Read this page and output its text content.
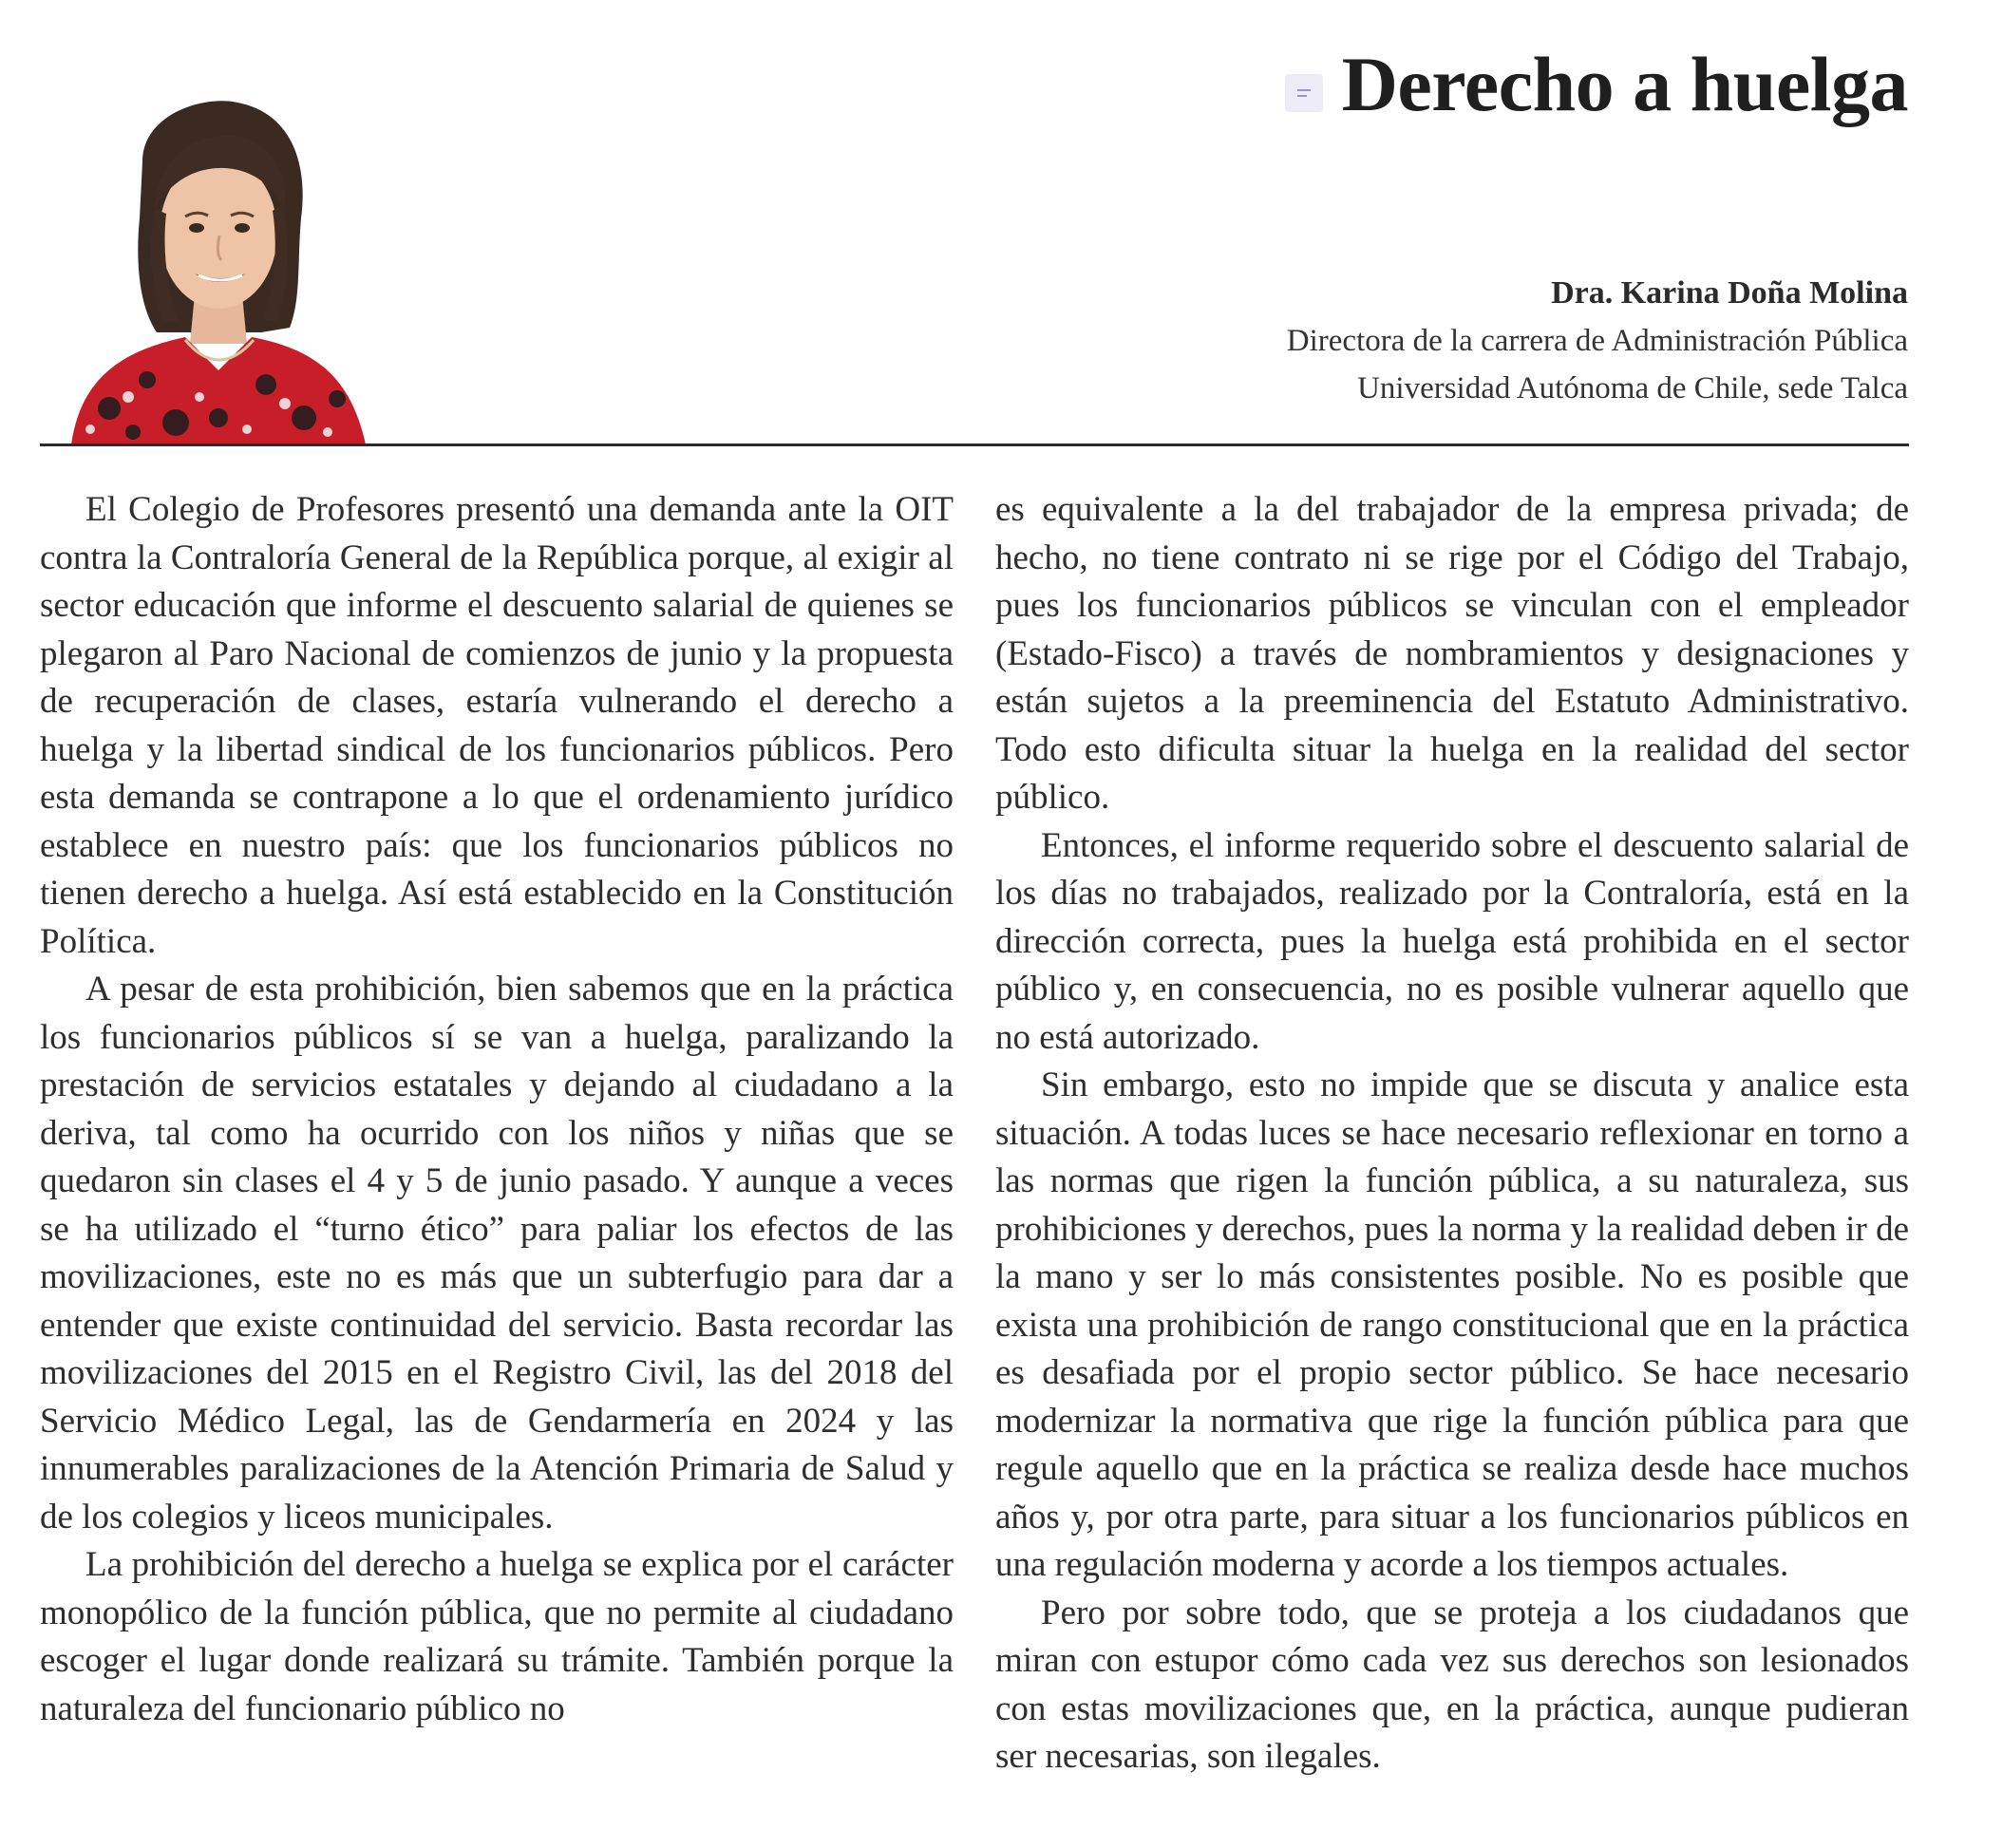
Derecho a huelga
Dra. Karina Doña Molina
Directora de la carrera de Administración Pública
Universidad Autónoma de Chile, sede Talca

El Colegio de Profesores presentó una demanda ante la OIT contra la Contraloría General de la República porque, al exigir al sector educación que informe el descuento salarial de quienes se plegaron al Paro Nacional de comienzos de junio y la propuesta de recuperación de clases, estaría vulnerando el derecho a huelga y la libertad sindical de los funcionarios públicos. Pero esta demanda se contrapone a lo que el ordenamiento jurídico establece en nuestro país: que los funcionarios públicos no tienen derecho a huelga. Así está establecido en la Constitución Política.

A pesar de esta prohibición, bien sabemos que en la práctica los funcionarios públicos sí se van a huelga, paralizando la prestación de servicios estatales y dejando al ciudadano a la deriva, tal como ha ocurrido con los niños y niñas que se quedaron sin clases el 4 y 5 de junio pasado. Y aunque a veces se ha utilizado el “turno ético” para paliar los efectos de las movilizaciones, este no es más que un subterfugio para dar a entender que existe continuidad del servicio. Basta recordar las movilizaciones del 2015 en el Registro Civil, las del 2018 del Servicio Médico Legal, las de Gendarmería en 2024 y las innumerables paralizaciones de la Atención Primaria de Salud y de los colegios y liceos municipales.

La prohibición del derecho a huelga se explica por el carácter monopólico de la función pública, que no permite al ciudadano escoger el lugar donde realizará su trámite. También porque la naturaleza del funcionario público no

es equivalente a la del trabajador de la empresa privada; de hecho, no tiene contrato ni se rige por el Código del Trabajo, pues los funcionarios públicos se vinculan con el empleador (Estado-Fisco) a través de nombramientos y designaciones y están sujetos a la preeminencia del Estatuto Administrativo. Todo esto dificulta situar la huelga en la realidad del sector público.

Entonces, el informe requerido sobre el descuento salarial de los días no trabajados, realizado por la Contraloría, está en la dirección correcta, pues la huelga está prohibida en el sector público y, en consecuencia, no es posible vulnerar aquello que no está autorizado.

Sin embargo, esto no impide que se discuta y analice esta situación. A todas luces se hace necesario reflexionar en torno a las normas que rigen la función pública, a su naturaleza, sus prohibiciones y derechos, pues la norma y la realidad deben ir de la mano y ser lo más consistentes posible. No es posible que exista una prohibición de rango constitucional que en la práctica es desafiada por el propio sector público. Se hace necesario modernizar la normativa que rige la función pública para que regule aquello que en la práctica se realiza desde hace muchos años y, por otra parte, para situar a los funcionarios públicos en una regulación moderna y acorde a los tiempos actuales.

Pero por sobre todo, que se proteja a los ciudadanos que miran con estupor cómo cada vez sus derechos son lesionados con estas movilizaciones que, en la práctica, aunque pudieran ser necesarias, son ilegales.
